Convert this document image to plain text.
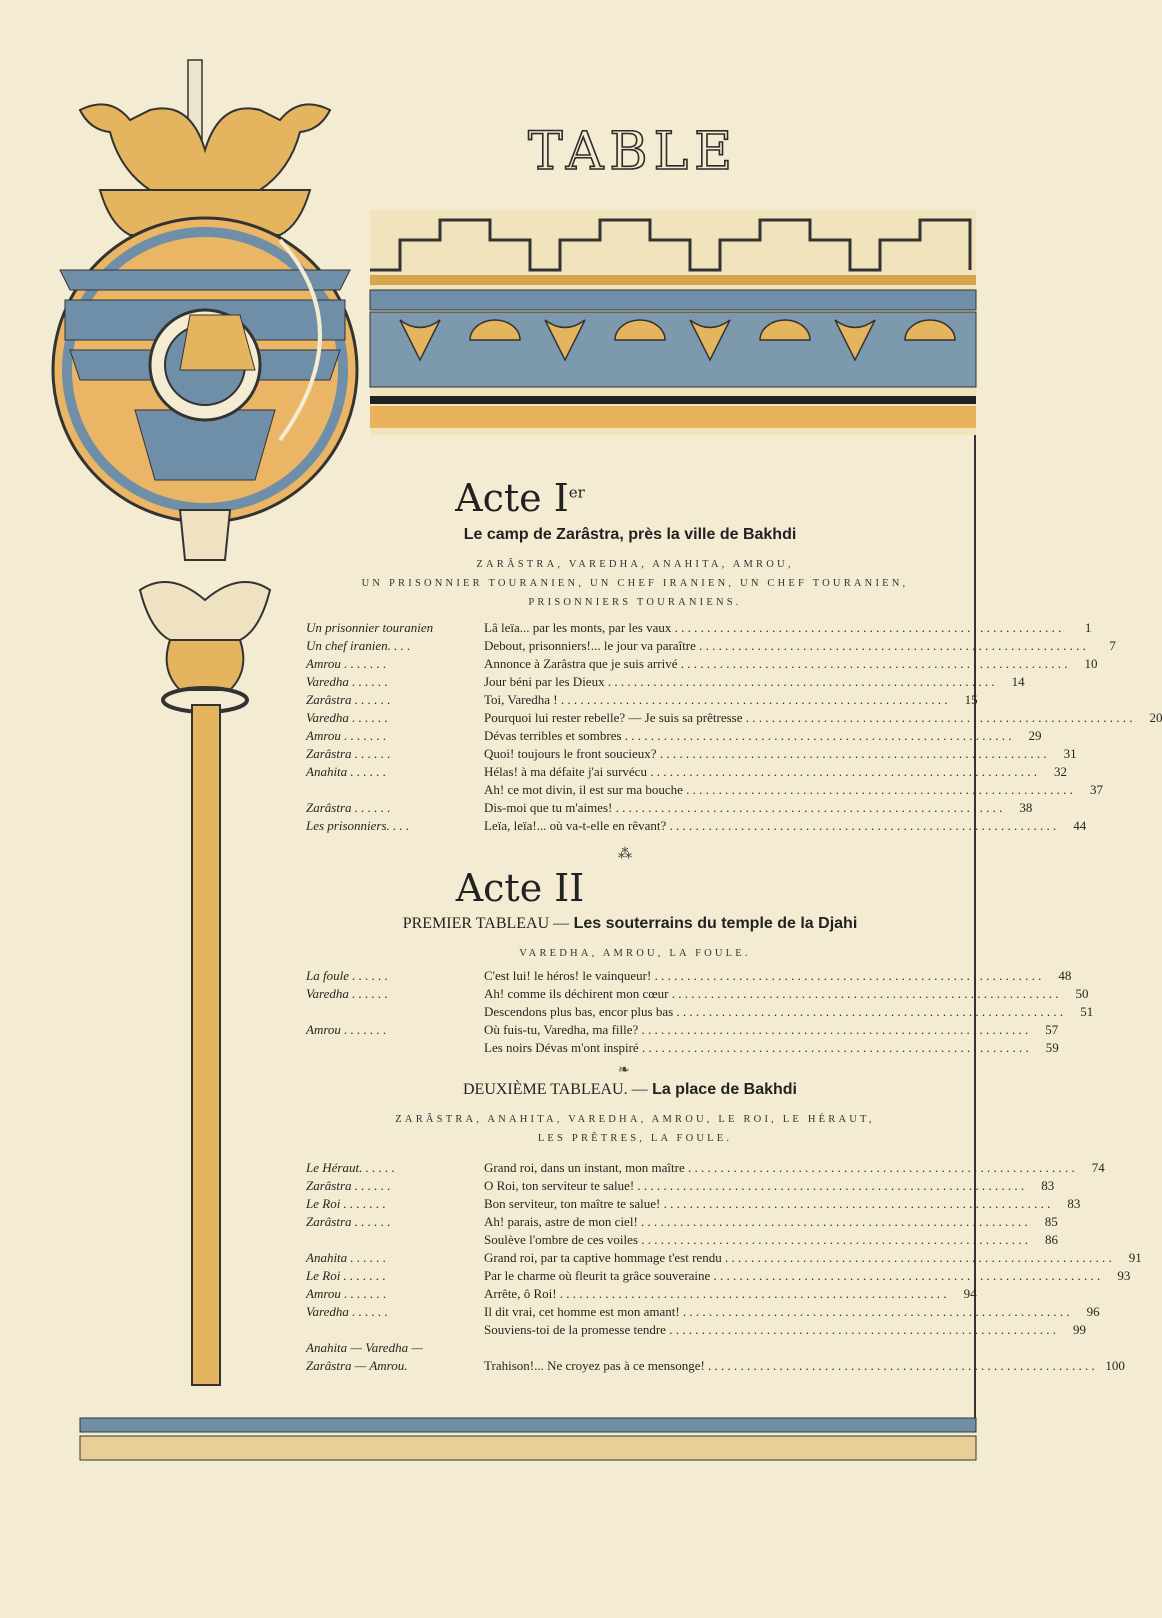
TABLE
Acte Ier
Le camp de Zarâstra, près la ville de Bakhdi
ZARÂSTRA, VAREDHA, ANAHITA, AMROU,
UN PRISONNIER TOURANIEN, UN CHEF IRANIEN, UN CHEF TOURANIEN,
PRISONNIERS TOURANIENS.
Un prisonnier touranien	Lâ leïa... par les monts, par les vaux . . . . . . . . . . . . . . . . . . . . . . . . . . . . . . . . . . . . . . . . . . . . . . . . . . . . . . . . . . . .	1
Un chef iranien. . . .	Debout, prisonniers!... le jour va paraître . . . . . . . . . . . . . . . . . . . . . . . . . . . . . . . . . . . . . . . . . . . . . . . . . . . . . . . . . . . .	7
Amrou . . . . . . .	Annonce à Zarâstra que je suis arrivé . . . . . . . . . . . . . . . . . . . . . . . . . . . . . . . . . . . . . . . . . . . . . . . . . . . . . . . . . . . .	10
Varedha . . . . . .	Jour béni par les Dieux . . . . . . . . . . . . . . . . . . . . . . . . . . . . . . . . . . . . . . . . . . . . . . . . . . . . . . . . . . . .	14
Zarâstra . . . . . .	Toi, Varedha ! . . . . . . . . . . . . . . . . . . . . . . . . . . . . . . . . . . . . . . . . . . . . . . . . . . . . . . . . . . . .	15
Varedha . . . . . .	Pourquoi lui rester rebelle? — Je suis sa prêtresse . . . . . . . . . . . . . . . . . . . . . . . . . . . . . . . . . . . . . . . . . . . . . . . . . . . . . . . . . . . .	20
Amrou . . . . . . .	Dévas terribles et sombres . . . . . . . . . . . . . . . . . . . . . . . . . . . . . . . . . . . . . . . . . . . . . . . . . . . . . . . . . . . .	29
Zarâstra . . . . . .	Quoi! toujours le front soucieux? . . . . . . . . . . . . . . . . . . . . . . . . . . . . . . . . . . . . . . . . . . . . . . . . . . . . . . . . . . . .	31
Anahita . . . . . .	Hélas! à ma défaite j'ai survécu . . . . . . . . . . . . . . . . . . . . . . . . . . . . . . . . . . . . . . . . . . . . . . . . . . . . . . . . . . . .	32
Ah! ce mot divin, il est sur ma bouche . . . . . . . . . . . . . . . . . . . . . . . . . . . . . . . . . . . . . . . . . . . . . . . . . . . . . . . . . . . .	37
Zarâstra . . . . . .	Dis-moi que tu m'aimes! . . . . . . . . . . . . . . . . . . . . . . . . . . . . . . . . . . . . . . . . . . . . . . . . . . . . . . . . . . . .	38
Les prisonniers. . . .	Leïa, leïa!... où va-t-elle en rêvant? . . . . . . . . . . . . . . . . . . . . . . . . . . . . . . . . . . . . . . . . . . . . . . . . . . . . . . . . . . . .	44
⁂
Acte II
PREMIER TABLEAU — Les souterrains du temple de la Djahi
VAREDHA, AMROU, LA FOULE.
La foule . . . . . .	C'est lui! le héros! le vainqueur! . . . . . . . . . . . . . . . . . . . . . . . . . . . . . . . . . . . . . . . . . . . . . . . . . . . . . . . . . . . .	48
Varedha . . . . . .	Ah! comme ils déchirent mon cœur . . . . . . . . . . . . . . . . . . . . . . . . . . . . . . . . . . . . . . . . . . . . . . . . . . . . . . . . . . . .	50
Descendons plus bas, encor plus bas . . . . . . . . . . . . . . . . . . . . . . . . . . . . . . . . . . . . . . . . . . . . . . . . . . . . . . . . . . . .	51
Amrou . . . . . . .	Où fuis-tu, Varedha, ma fille? . . . . . . . . . . . . . . . . . . . . . . . . . . . . . . . . . . . . . . . . . . . . . . . . . . . . . . . . . . . .	57
Les noirs Dévas m'ont inspiré . . . . . . . . . . . . . . . . . . . . . . . . . . . . . . . . . . . . . . . . . . . . . . . . . . . . . . . . . . . .	59
❧
DEUXIÈME TABLEAU. — La place de Bakhdi
ZARÂSTRA, ANAHITA, VAREDHA, AMROU, LE ROI, LE HÉRAUT,
LES PRÊTRES, LA FOULE.
Le Héraut. . . . . .	Grand roi, dans un instant, mon maître . . . . . . . . . . . . . . . . . . . . . . . . . . . . . . . . . . . . . . . . . . . . . . . . . . . . . . . . . . . .	74
Zarâstra . . . . . .	O Roi, ton serviteur te salue! . . . . . . . . . . . . . . . . . . . . . . . . . . . . . . . . . . . . . . . . . . . . . . . . . . . . . . . . . . . .	83
Le Roi . . . . . . .	Bon serviteur, ton maître te salue! . . . . . . . . . . . . . . . . . . . . . . . . . . . . . . . . . . . . . . . . . . . . . . . . . . . . . . . . . . . .	83
Zarâstra . . . . . .	Ah! parais, astre de mon ciel! . . . . . . . . . . . . . . . . . . . . . . . . . . . . . . . . . . . . . . . . . . . . . . . . . . . . . . . . . . . .	85
Soulève l'ombre de ces voiles . . . . . . . . . . . . . . . . . . . . . . . . . . . . . . . . . . . . . . . . . . . . . . . . . . . . . . . . . . . .	86
Anahita . . . . . .	Grand roi, par ta captive hommage t'est rendu . . . . . . . . . . . . . . . . . . . . . . . . . . . . . . . . . . . . . . . . . . . . . . . . . . . . . . . . . . . .	91
Le Roi . . . . . . .	Par le charme où fleurit ta grâce souveraine . . . . . . . . . . . . . . . . . . . . . . . . . . . . . . . . . . . . . . . . . . . . . . . . . . . . . . . . . . . .	93
Amrou . . . . . . .	Arrête, ô Roi! . . . . . . . . . . . . . . . . . . . . . . . . . . . . . . . . . . . . . . . . . . . . . . . . . . . . . . . . . . . .	94
Varedha . . . . . .	Il dit vrai, cet homme est mon amant! . . . . . . . . . . . . . . . . . . . . . . . . . . . . . . . . . . . . . . . . . . . . . . . . . . . . . . . . . . . .	96
Souviens-toi de la promesse tendre . . . . . . . . . . . . . . . . . . . . . . . . . . . . . . . . . . . . . . . . . . . . . . . . . . . . . . . . . . . .	99
Anahita — Varedha —
Zarâstra — Amrou.	Trahison!... Ne croyez pas à ce mensonge! . . . . . . . . . . . . . . . . . . . . . . . . . . . . . . . . . . . . . . . . . . . . . . . . . . . . . . . . . . . . 100
